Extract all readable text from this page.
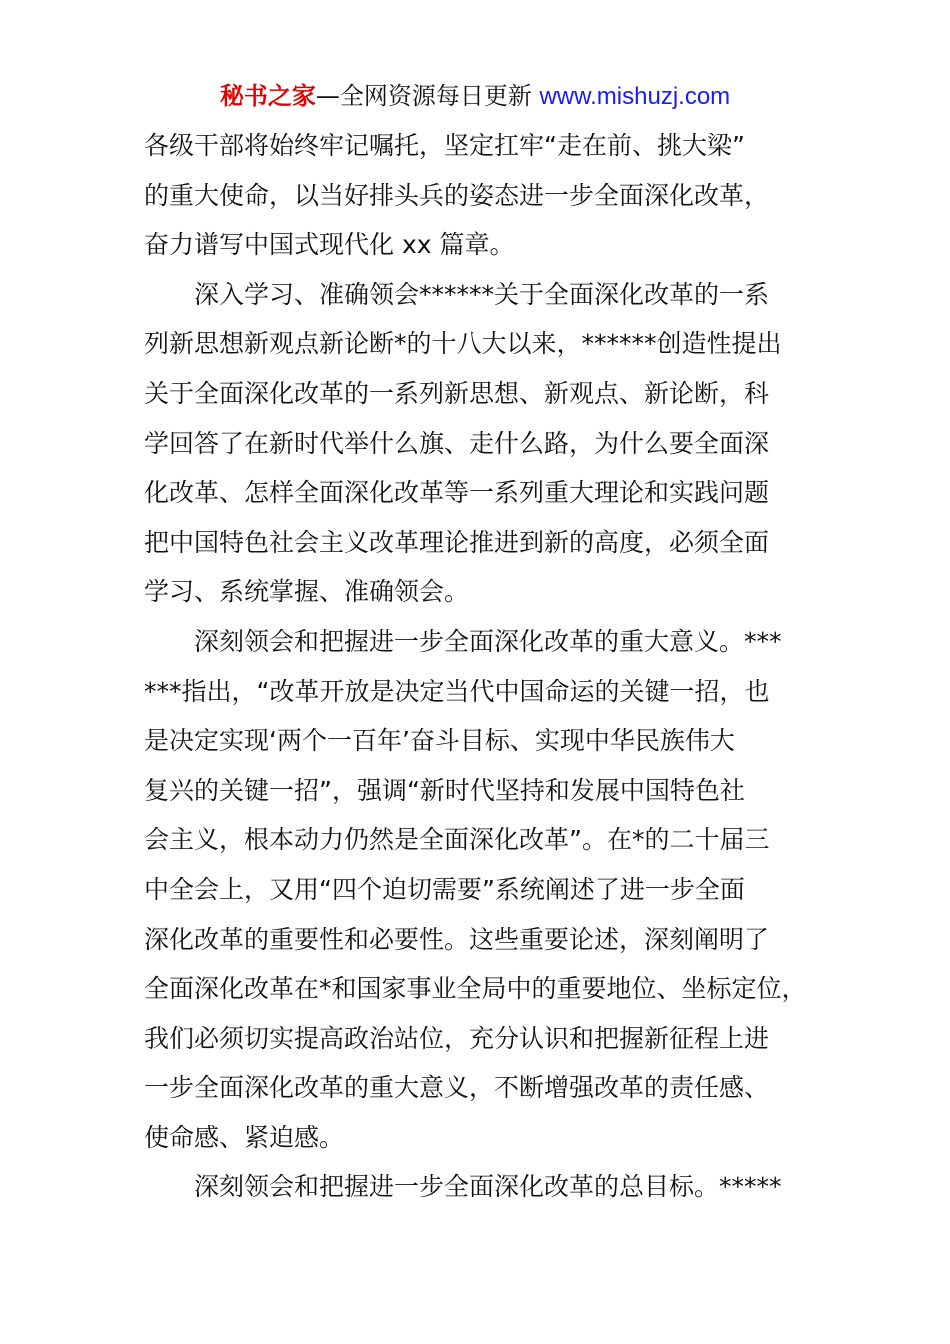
秘书之家—全网资源每日更新 www.mishuzj.com
各级干部将始终牢记嘱托，坚定扛牢“走在前、挑大梁”
的重大使命，以当好排头兵的姿态进一步全面深化改革，
奋力谱写中国式现代化 xx 篇章。
深入学习、准确领会******关于全面深化改革的一系
列新思想新观点新论断*的十八大以来，******创造性提出
关于全面深化改革的一系列新思想、新观点、新论断，科
学回答了在新时代举什么旗、走什么路，为什么要全面深
化改革、怎样全面深化改革等一系列重大理论和实践问题
把中国特色社会主义改革理论推进到新的高度，必须全面
学习、系统掌握、准确领会。
深刻领会和把握进一步全面深化改革的重大意义。***
***指出，“改革开放是决定当代中国命运的关键一招，也
是决定实现‘两个一百年’奋斗目标、实现中华民族伟大
复兴的关键一招”，强调“新时代坚持和发展中国特色社
会主义，根本动力仍然是全面深化改革”。在*的二十届三
中全会上，又用“四个迫切需要”系统阐述了进一步全面
深化改革的重要性和必要性。这些重要论述，深刻阐明了
全面深化改革在*和国家事业全局中的重要地位、坐标定位，
我们必须切实提高政治站位，充分认识和把握新征程上进
一步全面深化改革的重大意义，不断增强改革的责任感、
使命感、紧迫感。
深刻领会和把握进一步全面深化改革的总目标。*****
